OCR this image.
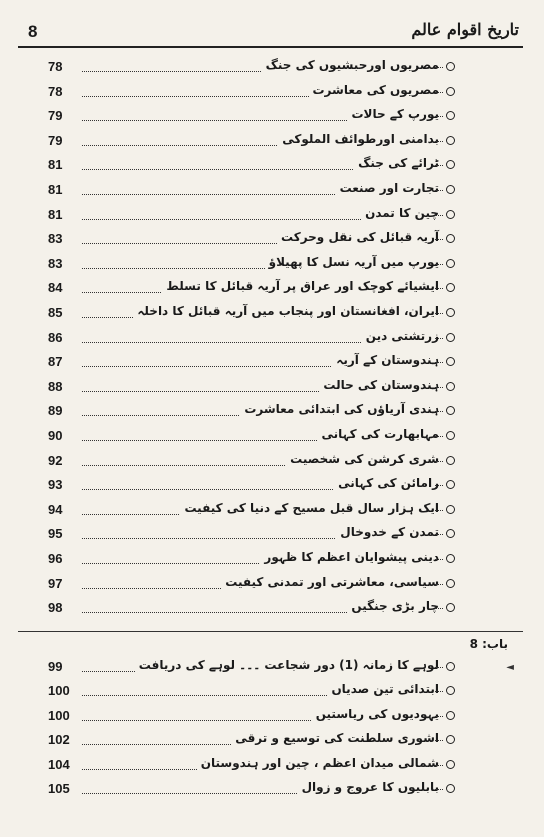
8	تاریخ اقوام عالم
78	مصریوں اورحبشیوں کی جنگ
78	مصریوں کی معاشرت
79	یورپ کے حالات
79	بدامنی اورطوائف الملوکی
81	ٹرائے کی جنگ
81	تجارت اور صنعت
81	چین کا تمدن
83	آریہ قبائل کی نقل وحرکت
83	یورپ میں آریہ نسل کا پھیلاؤ
84	ایشیائے کوچک اور عراق پر آریہ قبائل کا تسلط
85	ایران، افغانستان اور پنجاب میں آریہ قبائل کا داخلہ
86	زرتشتی دین
87	ہندوستان کے آریہ
88	ہندوستان کی حالت
89	ہندی آریاؤں کی ابتدائی معاشرت
90	مہابھارت کی کہانی
92	شری کرشن کی شخصیت
93	رامائن کی کہانی
94	ایک ہزار سال قبل مسیح کے دنیا کی کیفیت
95	تمدن کے خدوخال
96	دینی پیشوایان اعظم کا ظہور
97	سیاسی، معاشرتی اور تمدنی کیفیت
98	چار بڑی جنگیں
باب: 8
◄
99	لوہے کا زمانہ (1) دور شجاعت ۔۔۔ لوہے کی دریافت
100	ابتدائی تین صدیاں
100	یہودیوں کی ریاستیں
102	اشوری سلطنت کی توسیع و ترقی
104	شمالی میدان اعظم ، چین اور ہندوستان
105	بابلیوں کا عروج و زوال
